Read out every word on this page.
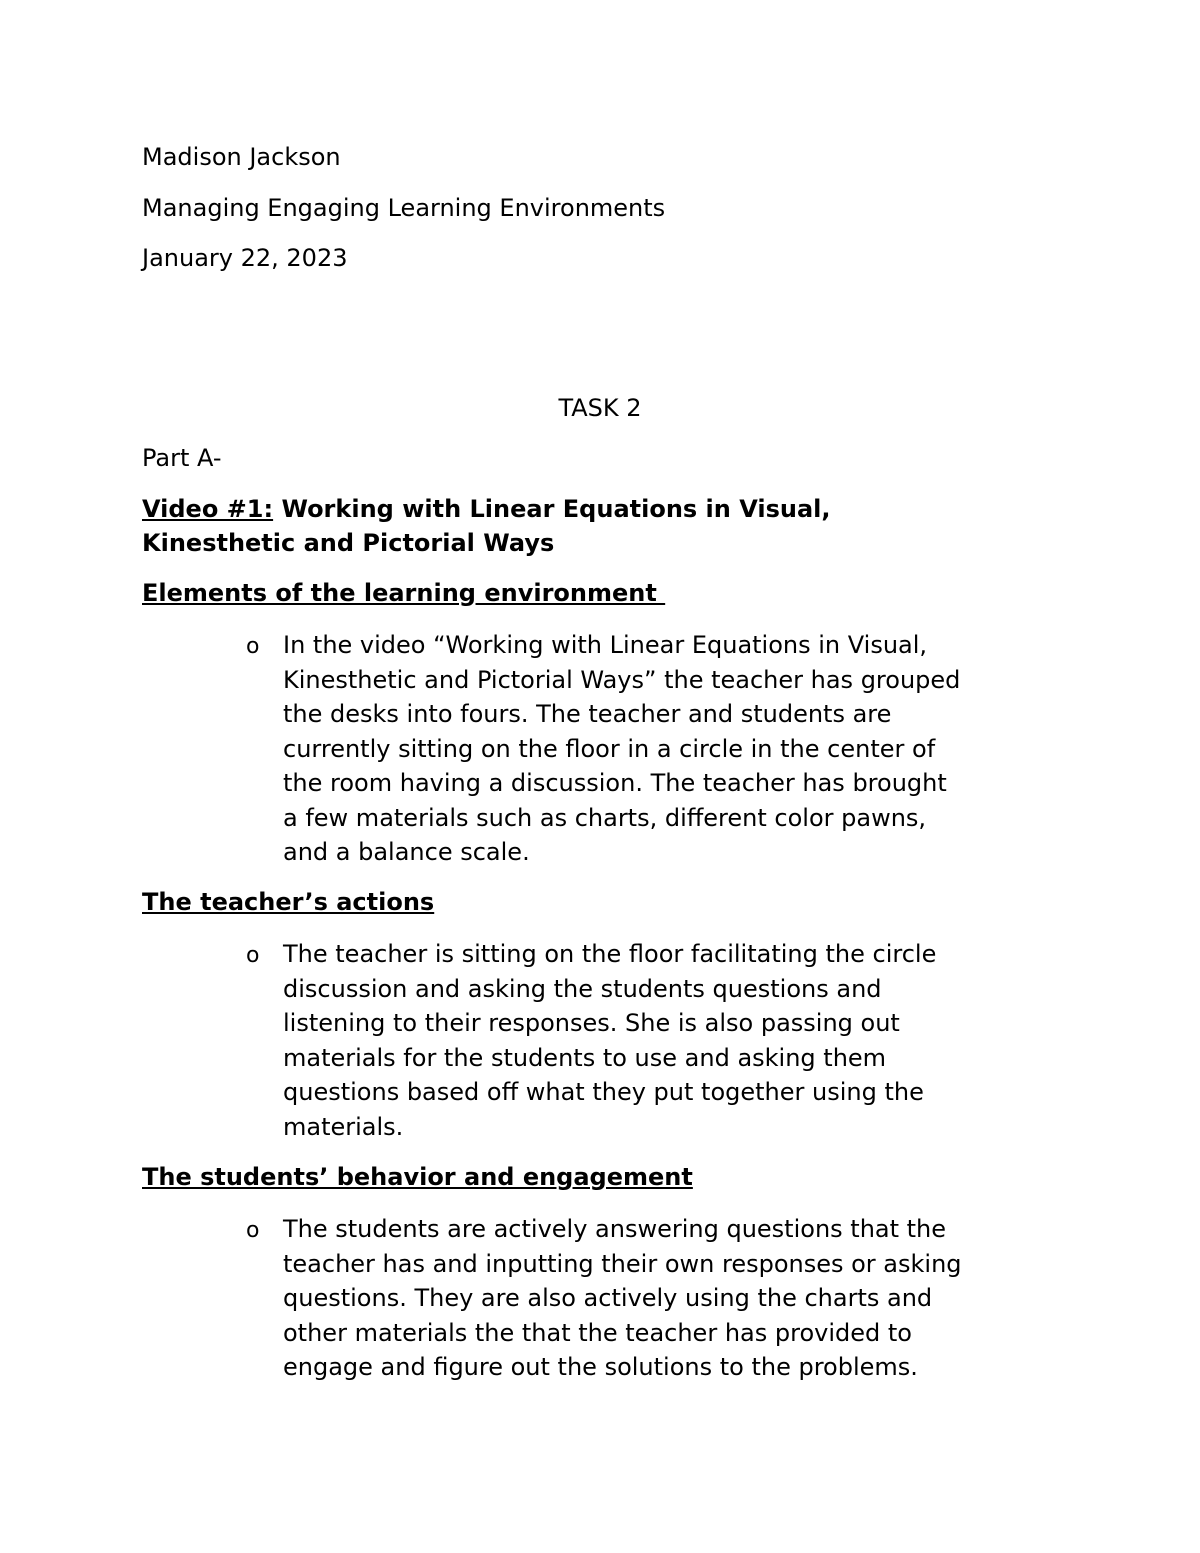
Madison Jackson
Managing Engaging Learning Environments
January 22, 2023
TASK 2
Part A-
Video #1: Working with Linear Equations in Visual,
Kinesthetic and Pictorial Ways
Elements of the learning environment
o In the video “Working with Linear Equations in Visual,
Kinesthetic and Pictorial Ways” the teacher has grouped
the desks into fours. The teacher and students are
currently sitting on the floor in a circle in the center of
the room having a discussion. The teacher has brought
a few materials such as charts, different color pawns,
and a balance scale.
The teacher’s actions
o The teacher is sitting on the floor facilitating the circle
discussion and asking the students questions and
listening to their responses. She is also passing out
materials for the students to use and asking them
questions based off what they put together using the
materials.
The students’ behavior and engagement
o The students are actively answering questions that the
teacher has and inputting their own responses or asking
questions. They are also actively using the charts and
other materials the that the teacher has provided to
engage and figure out the solutions to the problems.
